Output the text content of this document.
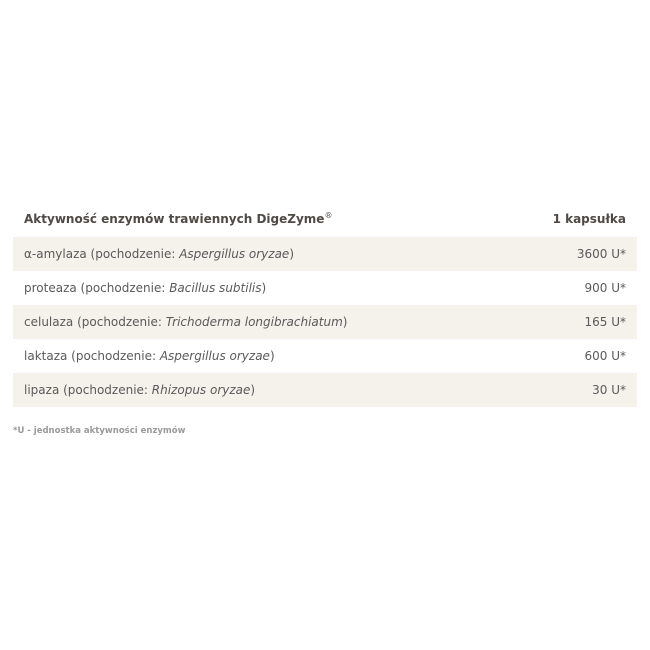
Aktywność enzymów trawiennych DigeZyme®	1 kapsułka
α-amylaza (pochodzenie: Aspergillus oryzae)	3600 U*
proteaza (pochodzenie: Bacillus subtilis)	900 U*
celulaza (pochodzenie: Trichoderma longibrachiatum)	165 U*
laktaza (pochodzenie: Aspergillus oryzae)	600 U*
lipaza (pochodzenie: Rhizopus oryzae)	30 U*
*U - jednostka aktywności enzymów
